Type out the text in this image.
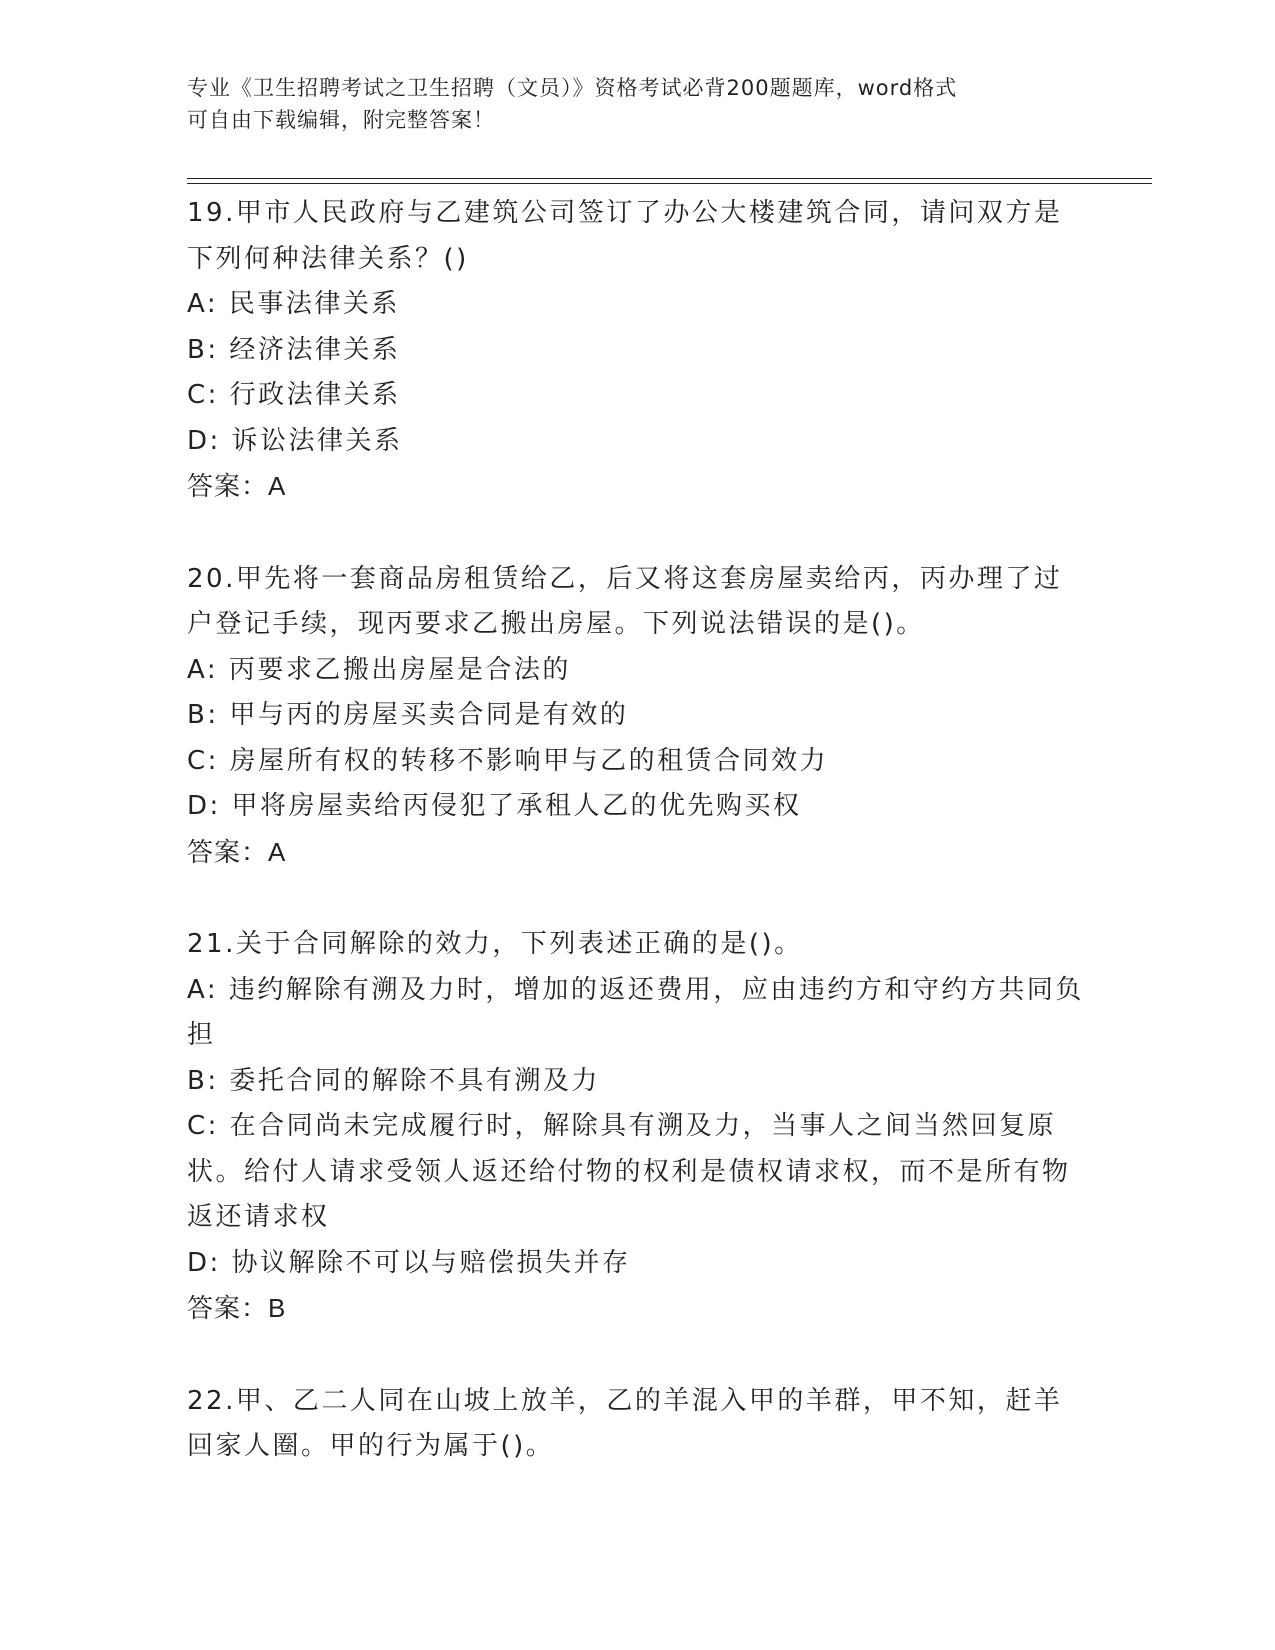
专业《卫生招聘考试之卫生招聘（文员）》资格考试必背200题题库，word格式
可自由下载编辑，附完整答案！

19.甲市人民政府与乙建筑公司签订了办公大楼建筑合同，请问双方是下列何种法律关系？()

A: 民事法律关系

B: 经济法律关系

C: 行政法律关系

D: 诉讼法律关系

答案：A

20.甲先将一套商品房租赁给乙，后又将这套房屋卖给丙，丙办理了过户登记手续，现丙要求乙搬出房屋。下列说法错误的是()。

A: 丙要求乙搬出房屋是合法的

B: 甲与丙的房屋买卖合同是有效的

C: 房屋所有权的转移不影响甲与乙的租赁合同效力

D: 甲将房屋卖给丙侵犯了承租人乙的优先购买权

答案：A

21.关于合同解除的效力，下列表述正确的是()。

A: 违约解除有溯及力时，增加的返还费用，应由违约方和守约方共同负担

B: 委托合同的解除不具有溯及力

C: 在合同尚未完成履行时，解除具有溯及力，当事人之间当然回复原状。给付人请求受领人返还给付物的权利是债权请求权，而不是所有物返还请求权

D: 协议解除不可以与赔偿损失并存

答案：B

22.甲、乙二人同在山坡上放羊，乙的羊混入甲的羊群，甲不知，赶羊回家人圈。甲的行为属于()。
